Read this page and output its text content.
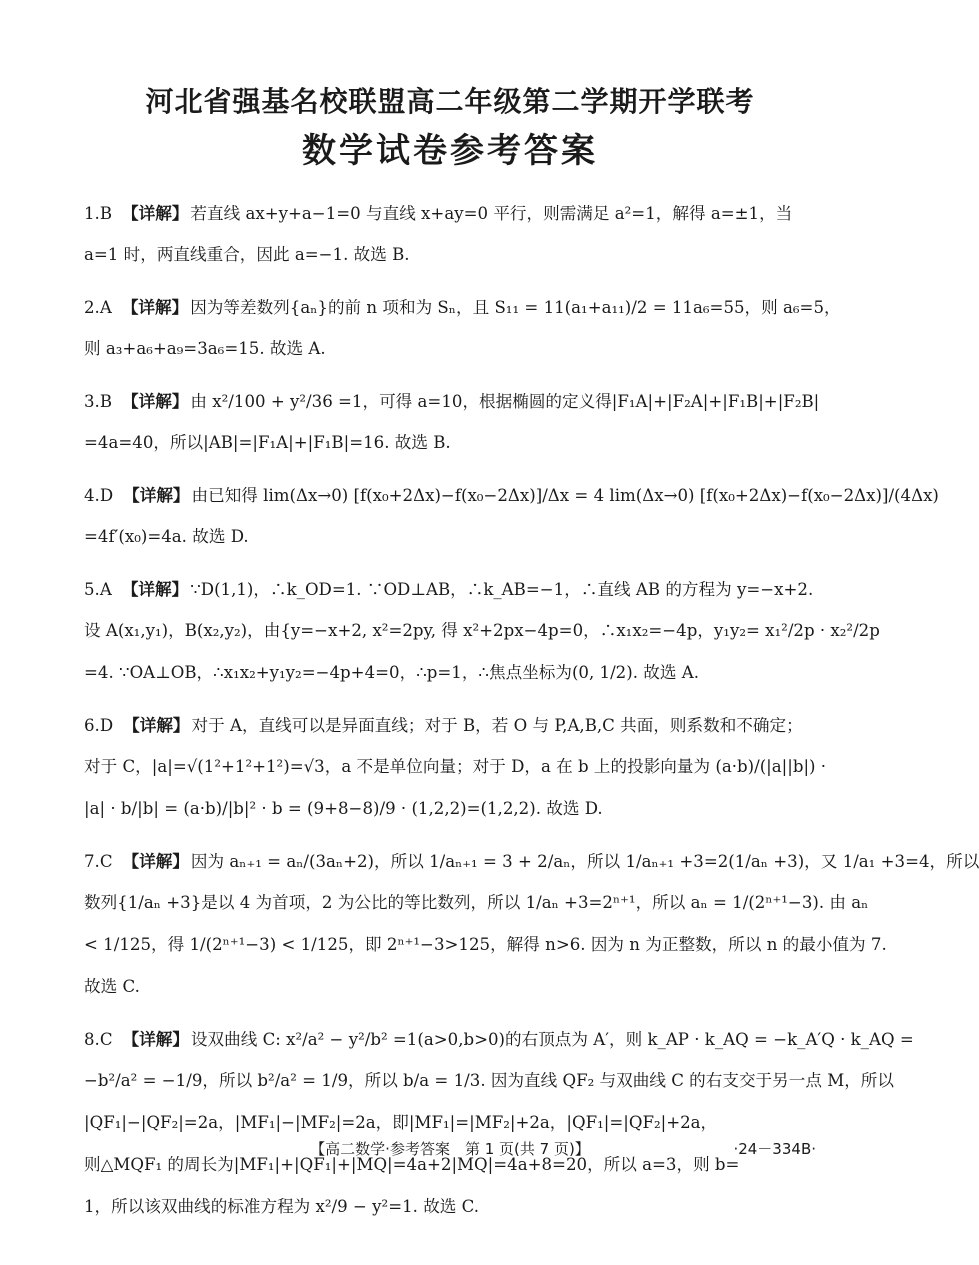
河北省强基名校联盟高二年级第二学期开学联考
数学试卷参考答案
1.B 【详解】 若直线 ax+y+a−1=0 与直线 x+ay=0 平行，则需满足 a²=1，解得 a=±1，当
a=1 时，两直线重合，因此 a=−1. 故选 B.
2.A 【详解】 因为等差数列{aₙ}的前 n 项和为 Sₙ，且 S₁₁ = 11(a₁+a₁₁)/2 = 11a₆=55，则 a₆=5，
则 a₃+a₆+a₉=3a₆=15. 故选 A.
3.B 【详解】 由 x²/100 + y²/36 =1，可得 a=10，根据椭圆的定义得|F₁A|+|F₂A|+|F₁B|+|F₂B|
=4a=40，所以|AB|=|F₁A|+|F₁B|=16. 故选 B.
4.D 【详解】 由已知得 lim(Δx→0) [f(x₀+2Δx)−f(x₀−2Δx)]/Δx = 4 lim(Δx→0) [f(x₀+2Δx)−f(x₀−2Δx)]/(4Δx)
=4f′(x₀)=4a. 故选 D.
5.A 【详解】 ∵D(1,1)，∴k_OD=1. ∵OD⊥AB，∴k_AB=−1，∴直线 AB 的方程为 y=−x+2.
设 A(x₁,y₁)，B(x₂,y₂)，由{y=−x+2, x²=2py, 得 x²+2px−4p=0，∴x₁x₂=−4p，y₁y₂= x₁²/2p · x₂²/2p
=4. ∵OA⊥OB，∴x₁x₂+y₁y₂=−4p+4=0，∴p=1，∴焦点坐标为(0, 1/2). 故选 A.
6.D 【详解】 对于 A，直线可以是异面直线；对于 B，若 O 与 P,A,B,C 共面，则系数和不确定；
对于 C，|a|=√(1²+1²+1²)=√3，a 不是单位向量；对于 D，a 在 b 上的投影向量为 (a·b)/(|a||b|) ·
|a| · b/|b| = (a·b)/|b|² · b = (9+8−8)/9 · (1,2,2)=(1,2,2). 故选 D.
7.C 【详解】 因为 aₙ₊₁ = aₙ/(3aₙ+2)，所以 1/aₙ₊₁ = 3 + 2/aₙ，所以 1/aₙ₊₁ +3=2(1/aₙ +3)，又 1/a₁ +3=4，所以
数列{1/aₙ +3}是以 4 为首项，2 为公比的等比数列，所以 1/aₙ +3=2ⁿ⁺¹，所以 aₙ = 1/(2ⁿ⁺¹−3). 由 aₙ
< 1/125，得 1/(2ⁿ⁺¹−3) < 1/125，即 2ⁿ⁺¹−3>125，解得 n>6. 因为 n 为正整数，所以 n 的最小值为 7.
故选 C.
8.C 【详解】 设双曲线 C: x²/a² − y²/b² =1(a>0,b>0)的右顶点为 A′，则 k_AP · k_AQ = −k_A′Q · k_AQ =
−b²/a² = −1/9，所以 b²/a² = 1/9，所以 b/a = 1/3. 因为直线 QF₂ 与双曲线 C 的右支交于另一点 M，所以
|QF₁|−|QF₂|=2a，|MF₁|−|MF₂|=2a，即|MF₁|=|MF₂|+2a，|QF₁|=|QF₂|+2a，
则△MQF₁ 的周长为|MF₁|+|QF₁|+|MQ|=4a+2|MQ|=4a+8=20，所以 a=3，则 b=
1，所以该双曲线的标准方程为 x²/9 − y²=1. 故选 C.
【高二数学·参考答案　第 1 页(共 7 页)】	·24－334B·
